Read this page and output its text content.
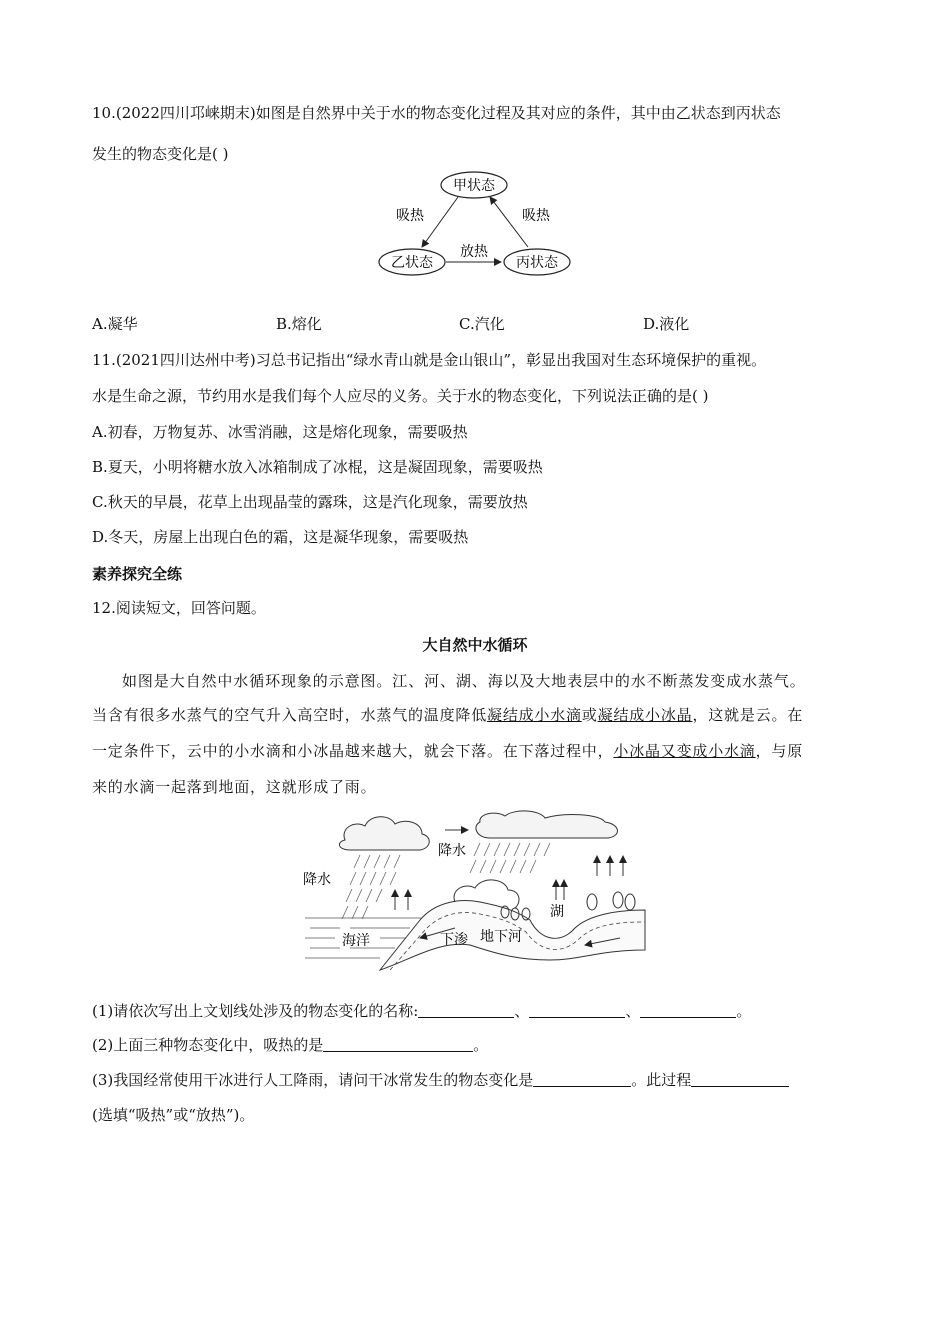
10.(2022四川邛崃期末)如图是自然界中关于水的物态变化过程及其对应的条件，其中由乙状态到丙状态
发生的物态变化是( )
甲状态
乙状态	丙状态
吸热	吸热
放热
A.凝华	B.熔化	C.汽化	D.液化
11.(2021四川达州中考)习总书记指出“绿水青山就是金山银山”，彰显出我国对生态环境保护的重视。
水是生命之源，节约用水是我们每个人应尽的义务。关于水的物态变化，下列说法正确的是( )
A.初春，万物复苏、冰雪消融，这是熔化现象，需要吸热
B.夏天，小明将糖水放入冰箱制成了冰棍，这是凝固现象，需要吸热
C.秋天的早晨，花草上出现晶莹的露珠，这是汽化现象，需要放热
D.冬天，房屋上出现白色的霜，这是凝华现象，需要吸热
素养探究全练
12.阅读短文，回答问题。
大自然中水循环
如图是大自然中水循环现象的示意图。江、河、湖、海以及大地表层中的水不断蒸发变成水蒸气。
当含有很多水蒸气的空气升入高空时，水蒸气的温度降低凝结成小水滴或凝结成小冰晶，这就是云。在
一定条件下，云中的小水滴和小冰晶越来越大，就会下落。在下落过程中，小冰晶又变成小水滴，与原
来的水滴一起落到地面，这就形成了雨。
降水
降水
湖
海洋	下渗 地下河
(1)请依次写出上文划线处涉及的物态变化的名称:	、	、	。
(2)上面三种物态变化中，吸热的是	。
(3)我国经常使用干冰进行人工降雨，请问干冰常发生的物态变化是	。此过程
(选填“吸热”或“放热”)。
